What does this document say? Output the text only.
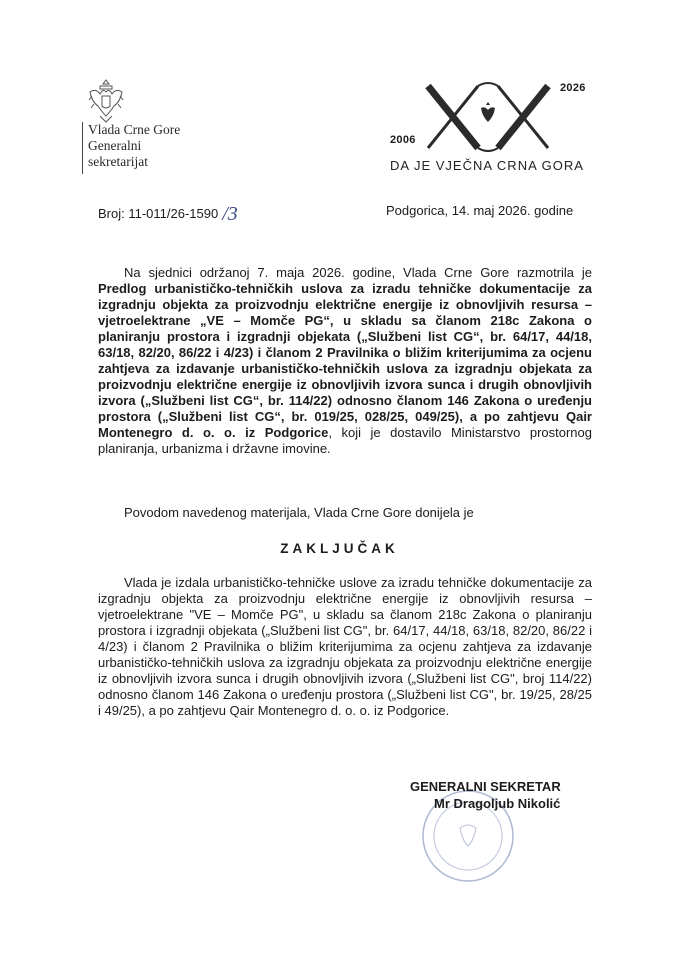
Vlada Crne Gore
Generalni
sekretarijat
2026
2006
DA JE VJEČNA CRNA GORA
Broj: 11-011/26-1590 /3	Podgorica, 14. maj 2026. godine
Na sjednici održanoj 7. maja 2026. godine, Vlada Crne Gore razmotrila je Predlog urbanističko-tehničkih uslova za izradu tehničke dokumentacije za izgradnju objekta za proizvodnju električne energije iz obnovljivih resursa – vjetroelektrane „VE – Momče PG“, u skladu sa članom 218c Zakona o planiranju prostora i izgradnji objekata („Službeni list CG“, br. 64/17, 44/18, 63/18, 82/20, 86/22 i 4/23) i članom 2 Pravilnika o bližim kriterijumima za ocjenu zahtjeva za izdavanje urbanističko-tehničkih uslova za izgradnju objekata za proizvodnju električne energije iz obnovljivih izvora sunca i drugih obnovljivih izvora („Službeni list CG“, br. 114/22) odnosno članom 146 Zakona o uređenju prostora („Službeni list CG“, br. 019/25, 028/25, 049/25), a po zahtjevu Qair Montenegro d. o. o. iz Podgorice, koji je dostavilo Ministarstvo prostornog planiranja, urbanizma i državne imovine.
Povodom navedenog materijala, Vlada Crne Gore donijela je
ZAKLJUČAK
Vlada je izdala urbanističko-tehničke uslove za izradu tehničke dokumentacije za izgradnju objekta za proizvodnju električne energije iz obnovljivih resursa – vjetroelektrane "VE – Momče PG", u skladu sa članom 218c Zakona o planiranju prostora i izgradnji objekata („Službeni list CG", br. 64/17, 44/18, 63/18, 82/20, 86/22 i 4/23) i članom 2 Pravilnika o bližim kriterijumima za ocjenu zahtjeva za izdavanje urbanističko-tehničkih uslova za izgradnju objekata za proizvodnju električne energije iz obnovljivih izvora sunca i drugih obnovljivih izvora („Službeni list CG", broj 114/22) odnosno članom 146 Zakona o uređenju prostora („Službeni list CG", br. 19/25, 28/25 i 49/25), a po zahtjevu Qair Montenegro d. o. o. iz Podgorice.
GENERALNI SEKRETAR
Mr Dragoljub Nikolić
